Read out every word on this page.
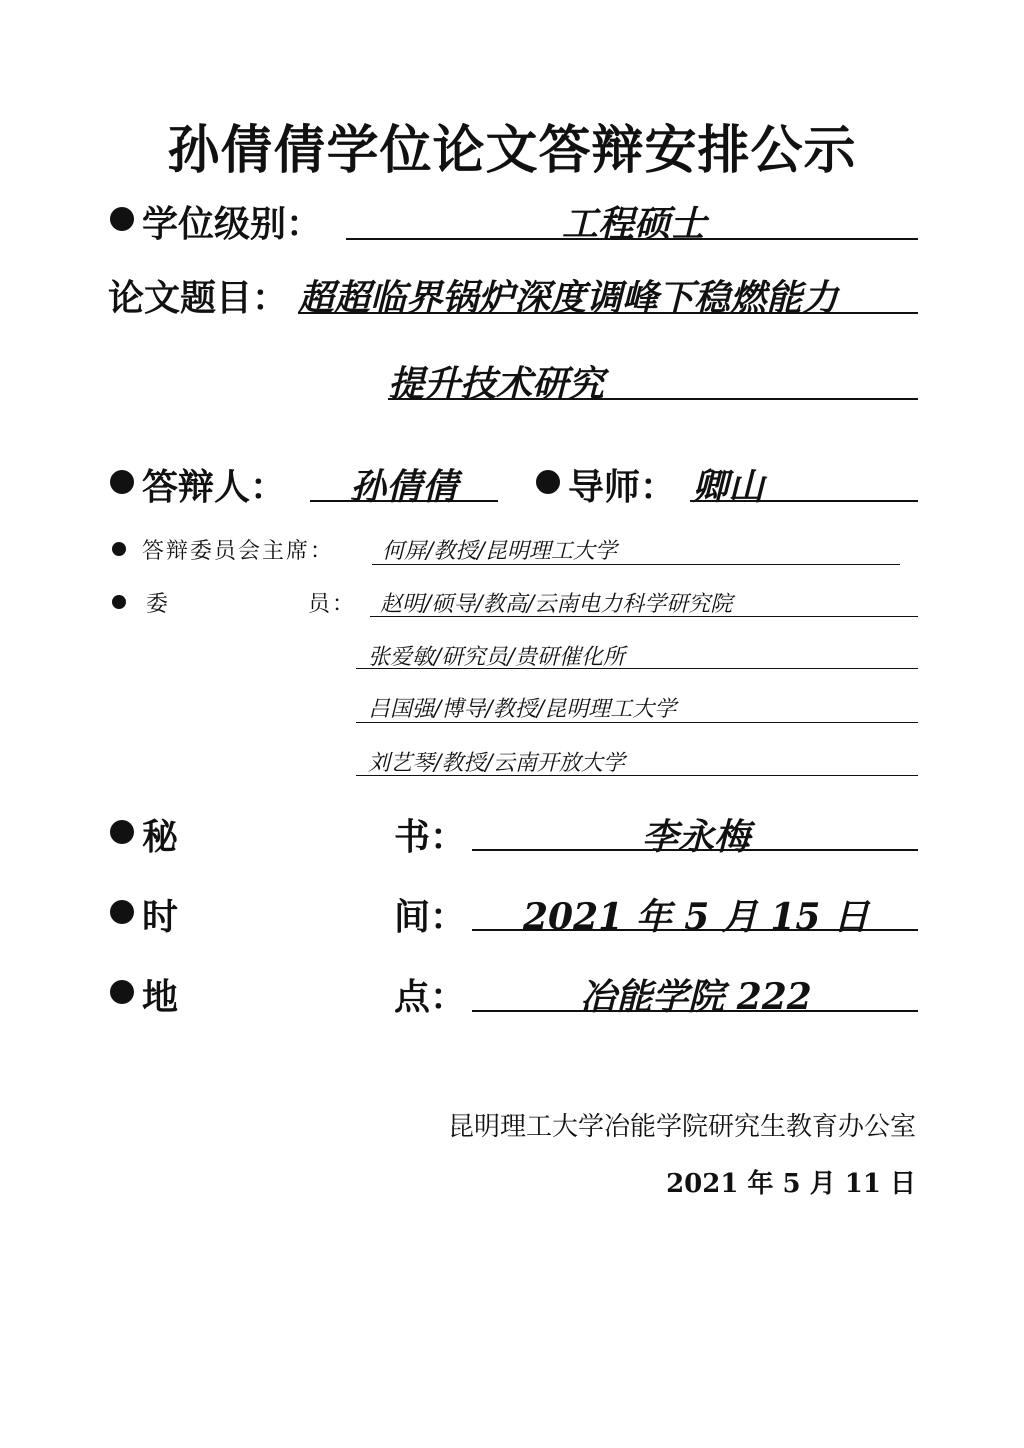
孙倩倩学位论文答辩安排公示
学位级别：	工程硕士
论文题目： 超超临界锅炉深度调峰下稳燃能力
提升技术研究
答辩人：	孙倩倩	导师： 卿山
答辩委员会主席： 何屏/教授/昆明理工大学
委	员： 赵明/硕导/教高/云南电力科学研究院
张爱敏/研究员/贵研催化所
吕国强/博导/教授/昆明理工大学
刘艺琴/教授/云南开放大学
秘	书：	李永梅
时	间：	2021 年 5 月 15 日
地	点：	冶能学院 222
昆明理工大学冶能学院研究生教育办公室
2021 年 5 月 11 日
